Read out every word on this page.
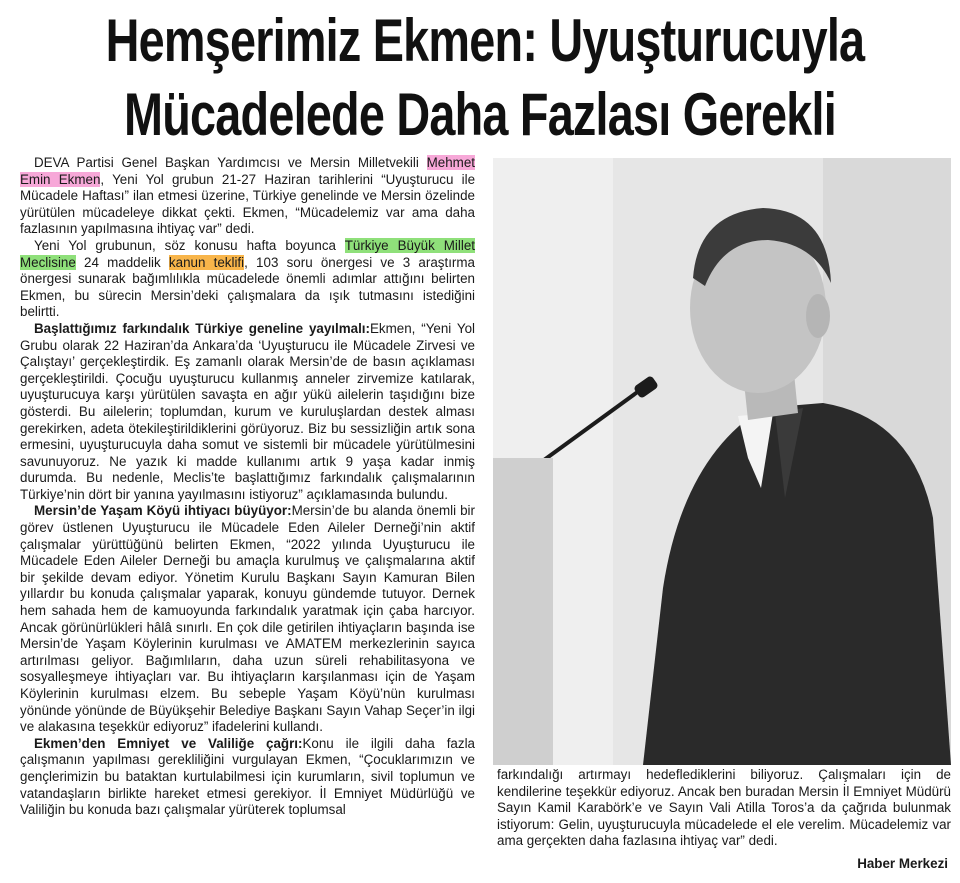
Hemşerimiz Ekmen: Uyuşturucuyla
Mücadelede Daha Fazlası Gerekli

DEVA Partisi Genel Başkan Yardımcısı ve Mersin Milletvekili Mehmet Emin Ekmen, Yeni Yol grubun 21-27 Haziran tarihlerini “Uyuşturucu ile Mücadele Haftası” ilan etmesi üzerine, Türkiye genelinde ve Mersin özelinde yürütülen mücadeleye dikkat çekti. Ekmen, “Mücadelemiz var ama daha fazlasının yapılmasına ihtiyaç var” dedi.

Yeni Yol grubunun, söz konusu hafta boyunca Türkiye Büyük Millet Meclisine 24 maddelik kanun teklifi, 103 soru önergesi ve 3 araştırma önergesi sunarak bağımlılıkla mücadelede önemli adımlar attığını belirten Ekmen, bu sürecin Mersin’deki çalışmalara da ışık tutmasını istediğini belirtti.

Başlattığımız farkındalık Türkiye geneline yayılmalı:Ekmen, “Yeni Yol Grubu olarak 22 Haziran’da Ankara’da ‘Uyuşturucu ile Mücadele Zirvesi ve Çalıştayı’ gerçekleştirdik. Eş zamanlı olarak Mersin’de de basın açıklaması gerçekleştirildi. Çocuğu uyuşturucu kullanmış anneler zirvemize katılarak, uyuşturucuya karşı yürütülen savaşta en ağır yükü ailelerin taşıdığını bize gösterdi. Bu ailelerin; toplumdan, kurum ve kuruluşlardan destek alması gerekirken, adeta ötekileştirildiklerini görüyoruz. Biz bu sessizliğin artık sona ermesini, uyuşturucuyla daha somut ve sistemli bir mücadele yürütülmesini savunuyoruz. Ne yazık ki madde kullanımı artık 9 yaşa kadar inmiş durumda. Bu nedenle, Meclis’te başlattığımız farkındalık çalışmalarının Türkiye’nin dört bir yanına yayılmasını istiyoruz” açıklamasında bulundu.

Mersin’de Yaşam Köyü ihtiyacı büyüyor:Mersin’de bu alanda önemli bir görev üstlenen Uyuşturucu ile Mücadele Eden Aileler Derneği’nin aktif çalışmalar yürüttüğünü belirten Ekmen, “2022 yılında Uyuşturucu ile Mücadele Eden Aileler Derneği bu amaçla kurulmuş ve çalışmalarına aktif bir şekilde devam ediyor. Yönetim Kurulu Başkanı Sayın Kamuran Bilen yıllardır bu konuda çalışmalar yaparak, konuyu gündemde tutuyor. Dernek hem sahada hem de kamuoyunda farkındalık yaratmak için çaba harcıyor. Ancak görünürlükleri hâlâ sınırlı. En çok dile getirilen ihtiyaçların başında ise Mersin’de Yaşam Köylerinin kurulması ve AMATEM merkezlerinin sayıca artırılması geliyor. Bağımlıların, daha uzun süreli rehabilitasyona ve sosyalleşmeye ihtiyaçları var. Bu ihtiyaçların karşılanması için de Yaşam Köylerinin kurulması elzem. Bu sebeple Yaşam Köyü’nün kurulması yönünde yönünde de Büyükşehir Belediye Başkanı Sayın Vahap Seçer’in ilgi ve alakasına teşekkür ediyoruz” ifadelerini kullandı.

Ekmen’den Emniyet ve Valiliğe çağrı:Konu ile ilgili daha fazla çalışmanın yapılması gerekliliğini vurgulayan Ekmen, “Çocuklarımızın ve gençlerimizin bu bataktan kurtulabilmesi için kurumların, sivil toplumun ve vatandaşların birlikte hareket etmesi gerekiyor. İl Emniyet Müdürlüğü ve Valiliğin bu konuda bazı çalışmalar yürüterek toplumsal

farkındalığı artırmayı hedeflediklerini biliyoruz. Çalışmaları için de kendilerine teşekkür ediyoruz. Ancak ben buradan Mersin İl Emniyet Müdürü Sayın Kamil Karabörk’e ve Sayın Vali Atilla Toros’a da çağrıda bulunmak istiyorum: Gelin, uyuşturucuyla mücadelede el ele verelim. Mücadelemiz var ama gerçekten daha fazlasına ihtiyaç var” dedi.

Haber Merkezi
